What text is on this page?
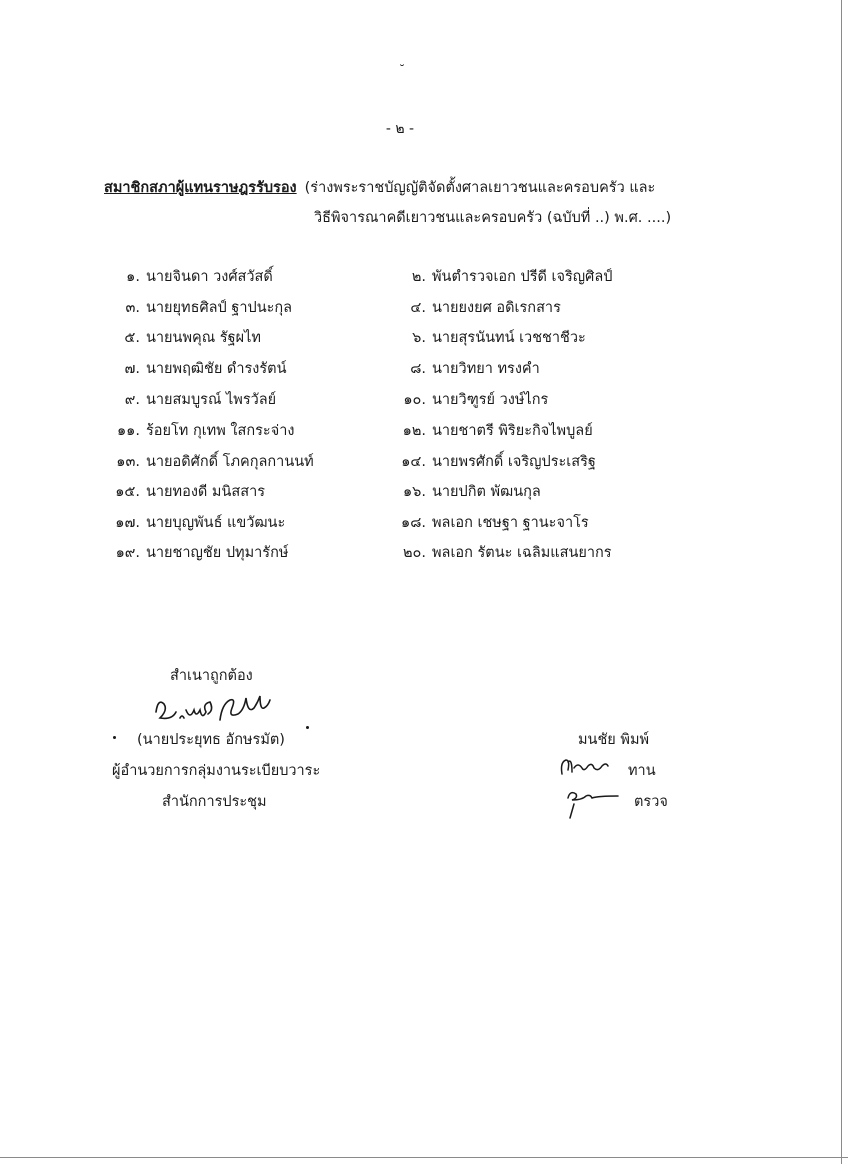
˘
- ๒ -
สมาชิกสภาผู้แทนราษฎรรับรอง (ร่างพระราชบัญญัติจัดตั้งศาลเยาวชนและครอบครัว และ
วิธีพิจารณาคดีเยาวชนและครอบครัว (ฉบับที่ ..) พ.ศ. ....)
๑. นายจินดา วงศ์สวัสดิ์	๒. พันตำรวจเอก ปรีดี เจริญศิลป์
๓. นายยุทธศิลป์ ฐาปนะกุล	๔. นายยงยศ อดิเรกสาร
๕. นายนพคุณ รัฐผไท	๖. นายสุรนันทน์ เวชชาชีวะ
๗. นายพฤฒิชัย ดำรงรัตน์	๘. นายวิทยา ทรงคำ
๙. นายสมบูรณ์ ไพรวัลย์	๑๐. นายวิฑูรย์ วงษ์ไกร
๑๑. ร้อยโท กุเทพ ใสกระจ่าง	๑๒. นายชาตรี พิริยะกิจไพบูลย์
๑๓. นายอดิศักดิ์ โภคกุลกานนท์	๑๔. นายพรศักดิ์ เจริญประเสริฐ
๑๕. นายทองดี มนิสสาร	๑๖. นายปกิต พัฒนกุล
๑๗. นายบุญพันธ์ แขวัฒนะ	๑๘. พลเอก เชษฐา ฐานะจาโร
๑๙. นายชาญชัย ปทุมารักษ์	๒๐. พลเอก รัตนะ เฉลิมแสนยากร
สำเนาถูกต้อง
(นายประยุทธ อักษรมัต)
ผู้อำนวยการกลุ่มงานระเบียบวาระ
สำนักการประชุม
มนชัย พิมพ์
ทาน
ตรวจ
